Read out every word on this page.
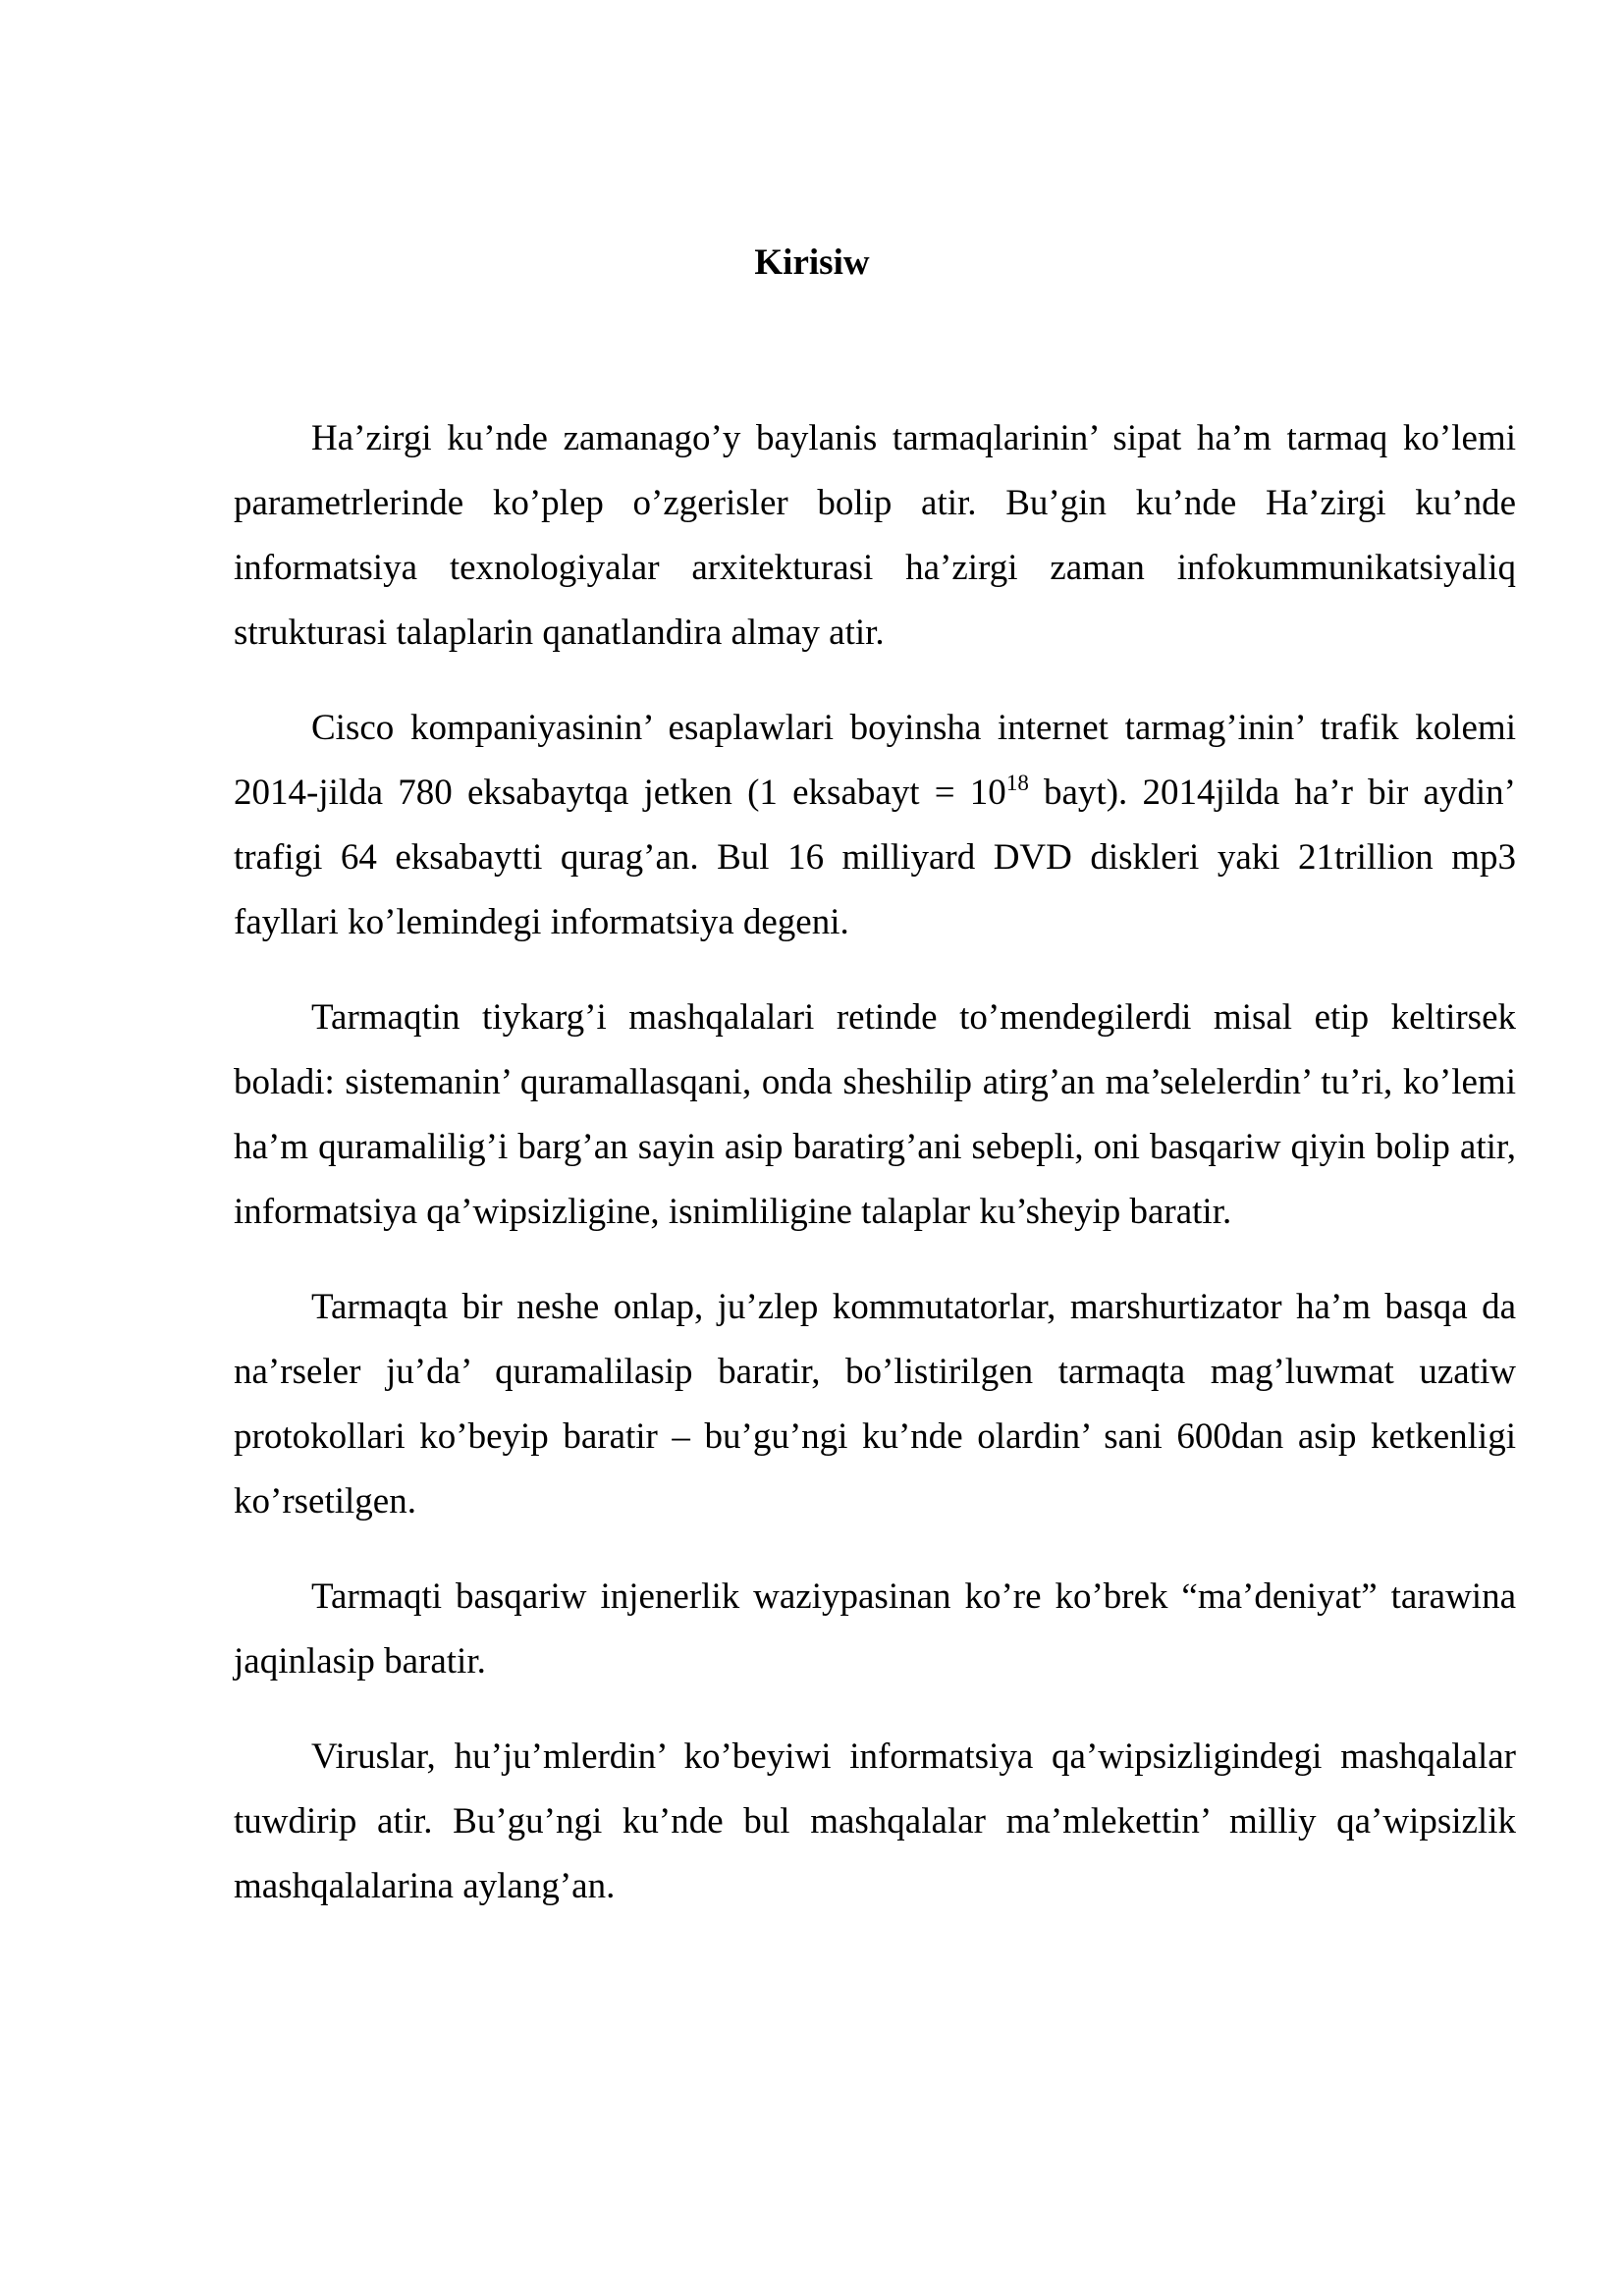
Kirisiw

Ha’zirgi ku’nde zamanago’y baylanis tarmaqlarinin’ sipat ha’m tarmaq ko’lemi parametrlerinde ko’plep o’zgerisler bolip atir. Bu’gin ku’nde Ha’zirgi ku’nde informatsiya texnologiyalar arxitekturasi ha’zirgi zaman infokummunikatsiyaliq strukturasi talaplarin qanatlandira almay atir.

Cisco kompaniyasinin’ esaplawlari boyinsha internet tarmag’inin’ trafik kolemi 2014-jilda 780 eksabaytqa jetken (1 eksabayt = $10^{18}$ bayt). 2014jilda ha’r bir aydin’ trafigi 64 eksabaytti qurag’an. Bul 16 milliyard DVD diskleri yaki 21trillion mp3 fayllari ko’lemindegi informatsiya degeni.

Tarmaqtin tiykarg’i mashqalalari retinde to’mendegilerdi misal etip keltirsek boladi: sistemanin’ quramallasqani, onda sheshilip atirg’an ma’selelerdin’ tu’ri, ko’lemi ha’m quramalilig’i barg’an sayin asip baratirg’ani sebepli, oni basqariw qiyin bolip atir, informatsiya qa’wipsizligine, isnimliligine talaplar ku’sheyip baratir.

Tarmaqta bir neshe onlap, ju’zlep kommutatorlar, marshurtizator ha’m basqa da na’rseler ju’da’ quramalilasip baratir, bo’listirilgen tarmaqta mag’luwmat uzatiw protokollari ko’beyip baratir – bu’gu’ngi ku’nde olardin’ sani 600dan asip ketkenligi ko’rsetilgen.

Tarmaqti basqariw injenerlik waziypasinan ko’re ko’brek “ma’deniyat” tarawina jaqinlasip baratir.

Viruslar, hu’ju’mlerdin’ ko’beyiwi informatsiya qa’wipsizligindegi mashqalalar tuwdirip atir. Bu’gu’ngi ku’nde bul mashqalalar ma’mlekettin’ milliy qa’wipsizlik mashqalalarina aylang’an.
